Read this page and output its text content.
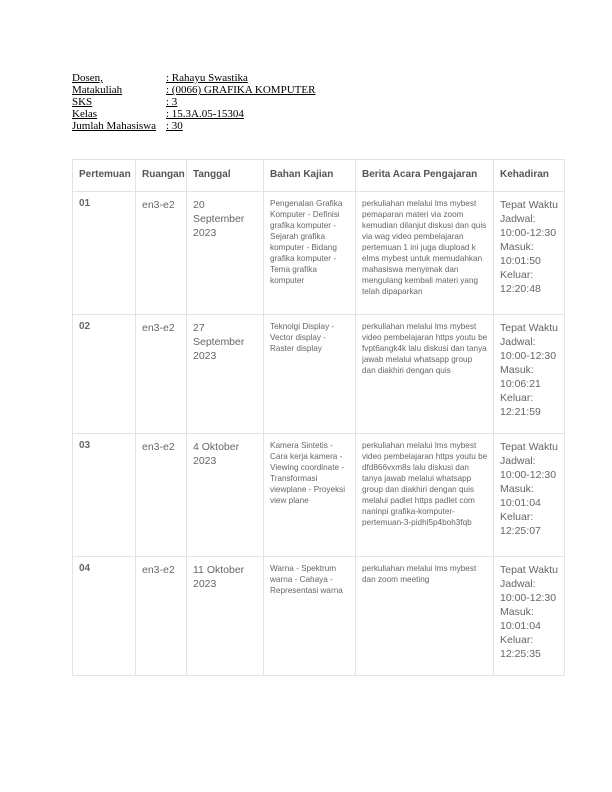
Dosen,	: Rahayu Swastika
Matakuliah	: (0066) GRAFIKA KOMPUTER
SKS	: 3
Kelas	: 15.3A.05-15304
Jumlah Mahasiswa : 30
Pertemuan	Ruangan	Tanggal	Bahan Kajian	Berita Acara Pengajaran	Kehadiran
01	en3-e2	20 September 2023	Pengenalan Grafika Komputer - Definisi grafika komputer - Sejarah grafika komputer - Bidang grafika komputer - Tema grafika komputer	perkuliahan melalui lms mybest pemaparan materi via zoom kemudian dilanjut diskusi dan quis via wag video pembelajaran pertemuan 1 ini juga diupload k elms mybest untuk memudahkan mahasiswa menyimak dan mengulang kembali materi yang telah dipaparkan	Tepat Waktu Jadwal: 10:00-12:30 Masuk: 10:01:50 Keluar: 12:20:48
02	en3-e2	27 September 2023	Teknolgi Display - Vector display - Raster display	perkuliahan melalui lms mybest video pembelajaran https youtu be fvpt6angk4k lalu diskusi dan tanya jawab melalui whatsapp group dan diakhiri dengan quis	Tepat Waktu Jadwal: 10:00-12:30 Masuk: 10:06:21 Keluar: 12:21:59
03	en3-e2	4 Oktober 2023	Kamera Sintetis - Cara kerja kamera - Viewing coordinate - Transformasi viewplane - Proyeksi view plane	perkuliahan melalui lms mybest video pembelajaran https youtu be dfd866vxm8s lalu diskusi dan tanya jawab melalui whatsapp group dan diakhiri dengan quis melalui padlet https padlet com naninpi grafika-komputer-pertemuan-3-pidhl5p4boh3fqb	Tepat Waktu Jadwal: 10:00-12:30 Masuk: 10:01:04 Keluar: 12:25:07
04	en3-e2	11 Oktober 2023	Warna - Spektrum warna - Cahaya - Representasi warna	perkuliahan melalui lms mybest dan zoom meeting	Tepat Waktu Jadwal: 10:00-12:30 Masuk: 10:01:04 Keluar: 12:25:35
